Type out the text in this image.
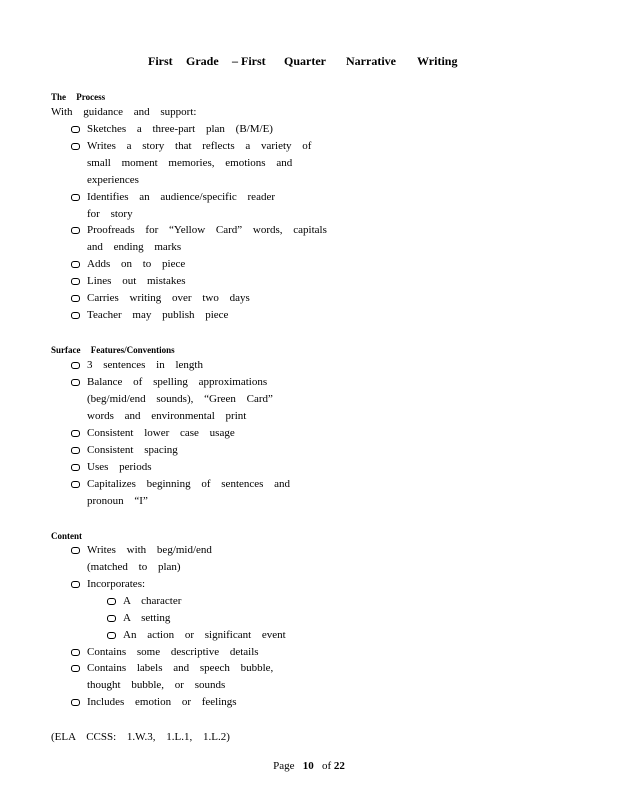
First Grade – First Quarter Narrative Writing
The Process
With guidance and support:
Sketches a three-part plan (B/M/E)
Writes a story that reflects a variety of small moment memories, emotions and experiences
Identifies an audience/specific reader for story
Proofreads for “Yellow Card” words, capitals and ending marks
Adds on to piece
Lines out mistakes
Carries writing over two days
Teacher may publish piece
Surface Features/Conventions
3 sentences in length
Balance of spelling approximations (beg/mid/end sounds), “Green Card” words and environmental print
Consistent lower case usage
Consistent spacing
Uses periods
Capitalizes beginning of sentences and pronoun “I”
Content
Writes with beg/mid/end (matched to plan)
Incorporates:
A character
A setting
An action or significant event
Contains some descriptive details
Contains labels and speech bubble, thought bubble, or sounds
Includes emotion or feelings
(ELA CCSS: 1.W.3, 1.L.1, 1.L.2)
Page 10 of 22
